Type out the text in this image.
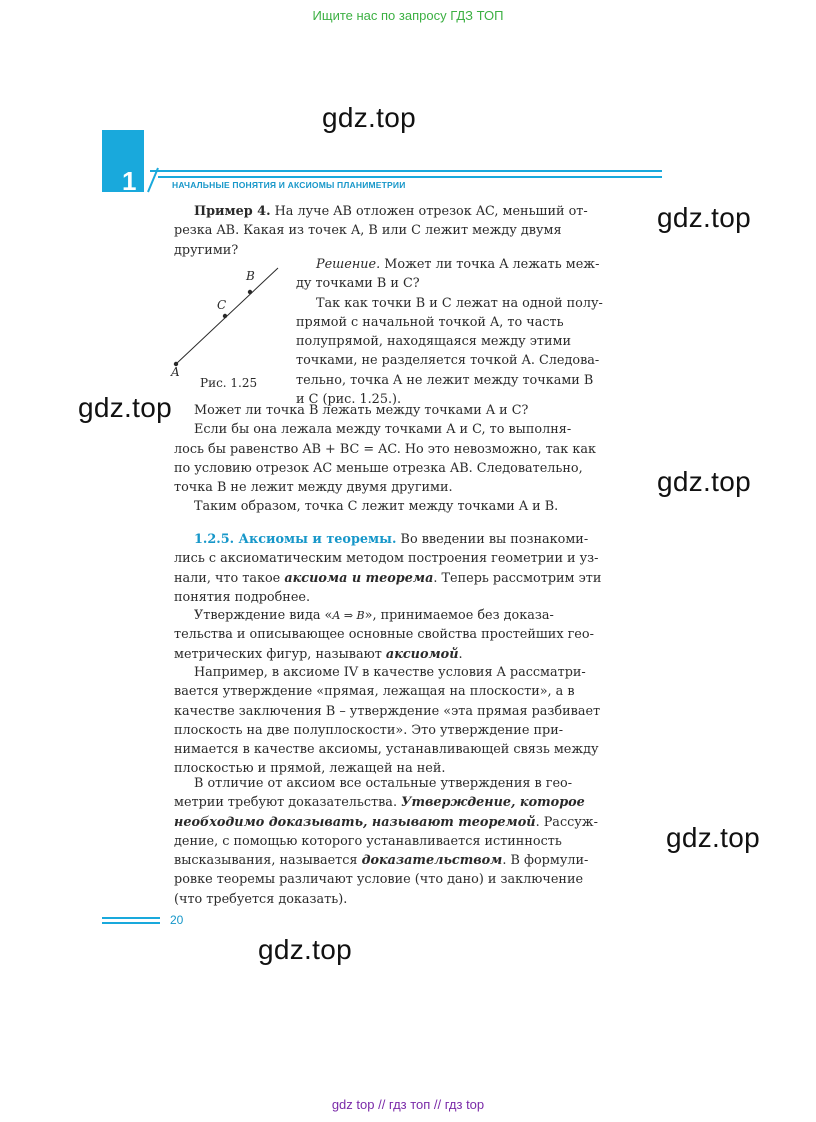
Ищите нас по запросу ГДЗ ТОП
gdz.top
gdz.top
gdz.top
gdz.top
gdz.top
gdz.top
1	НАЧАЛЬНЫЕ ПОНЯТИЯ И АКСИОМЫ ПЛАНИМЕТРИИ
Пример 4. На луче AB отложен отрезок AC, меньший от-
резка AB. Какая из точек A, B или C лежит между двумя
другими?
A
C
B
Рис. 1.25
Решение. Может ли точка A лежать меж-
ду точками B и C?
Так как точки B и C лежат на одной полу-
прямой с начальной точкой A, то часть
полупрямой, находящаяся между этими
точками, не разделяется точкой A. Следова-
тельно, точка A не лежит между точками B
и C (рис. 1.25.).
Может ли точка B лежать между точками A и C?
Если бы она лежала между точками A и C, то выполня-
лось бы равенство AB + BC = AC. Но это невозможно, так как
по условию отрезок AC меньше отрезка AB. Следовательно,
точка B не лежит между двумя другими.
Таким образом, точка C лежит между точками A и B.
1.2.5. Аксиомы и теоремы. Во введении вы познакоми-
лись с аксиоматическим методом построения геометрии и уз-
нали, что такое аксиома и теорема. Теперь рассмотрим эти
понятия подробнее.
Утверждение вида «A ⇒ B», принимаемое без доказа-
тельства и описывающее основные свойства простейших гео-
метрических фигур, называют аксиомой.
Например, в аксиоме IV в качестве условия A рассматри-
вается утверждение «прямая, лежащая на плоскости», а в
качестве заключения B – утверждение «эта прямая разбивает
плоскость на две полуплоскости». Это утверждение при-
нимается в качестве аксиомы, устанавливающей связь между
плоскостью и прямой, лежащей на ней.
В отличие от аксиом все остальные утверждения в гео-
метрии требуют доказательства. Утверждение, которое
необходимо доказывать, называют теоремой. Рассуж-
дение, с помощью которого устанавливается истинность
высказывания, называется доказательством. В формули-
ровке теоремы различают условие (что дано) и заключение
(что требуется доказать).
20
gdz top // гдз топ // гдз top
